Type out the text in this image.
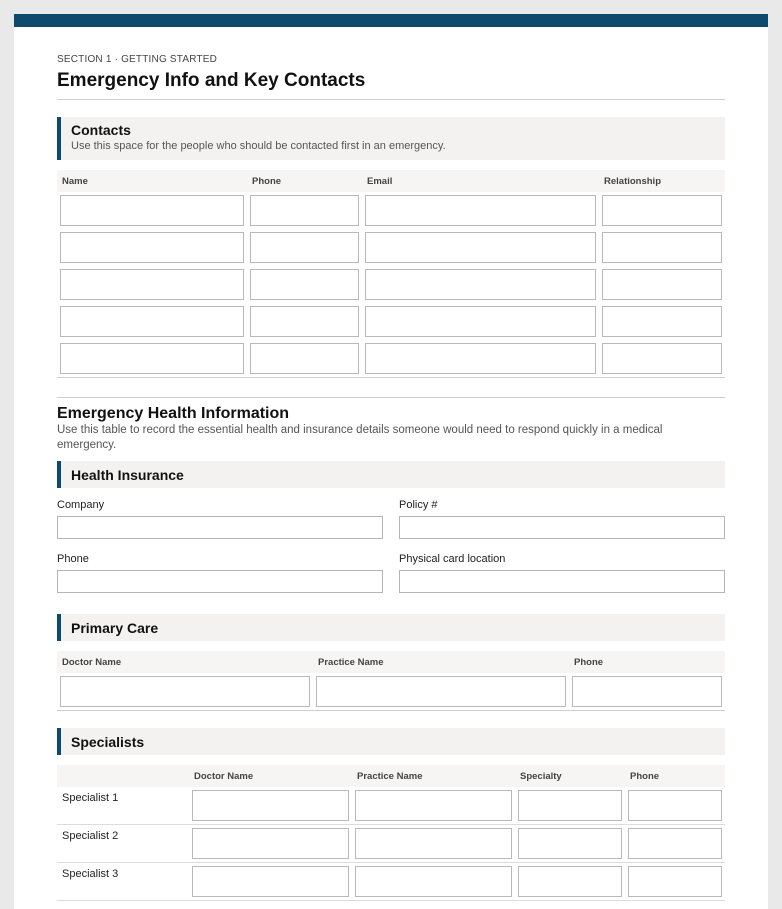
SECTION 1 · GETTING STARTED
Emergency Info and Key Contacts
Contacts
Use this space for the people who should be contacted first in an emergency.
Name	Phone	Email	Relationship
Emergency Health Information
Use this table to record the essential health and insurance details someone would need to respond quickly in a medical emergency.
Health Insurance
Company	Policy #
Phone	Physical card location
Primary Care
Doctor Name	Practice Name	Phone
Specialists
Doctor Name	Practice Name	Specialty	Phone
Specialist 1
Specialist 2
Specialist 3
